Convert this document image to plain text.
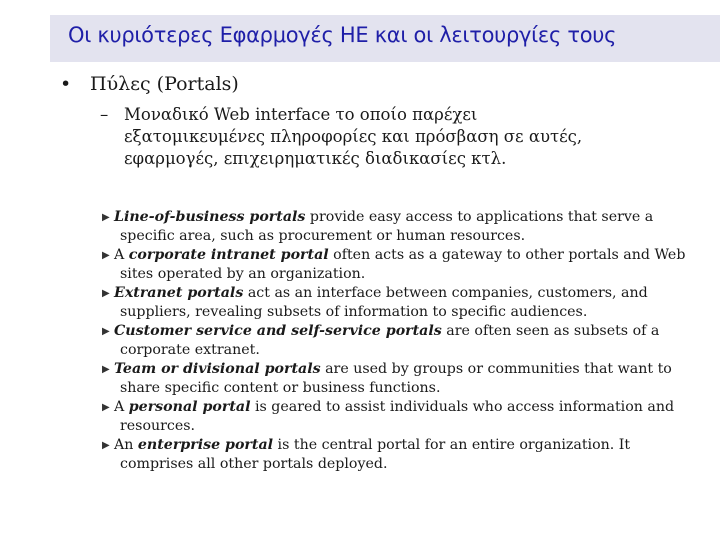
Οι κυριότερες Εφαρμογές ΗΕ και οι λειτουργίες τους
• Πύλες (Portals)
– Μοναδικό Web interface το οποίο παρέχει
εξατομικευμένες πληροφορίες και πρόσβαση σε αυτές,
εφαρμογές, επιχειρηματικές διαδικασίες κτλ.
▶ Line-of-business portals provide easy access to applications that serve a
specific area, such as procurement or human resources.
▶ A corporate intranet portal often acts as a gateway to other portals and Web
sites operated by an organization.
▶ Extranet portals act as an interface between companies, customers, and
suppliers, revealing subsets of information to specific audiences.
▶ Customer service and self-service portals are often seen as subsets of a
corporate extranet.
▶ Team or divisional portals are used by groups or communities that want to
share specific content or business functions.
▶ A personal portal is geared to assist individuals who access information and
resources.
▶ An enterprise portal is the central portal for an entire organization. It
comprises all other portals deployed.
